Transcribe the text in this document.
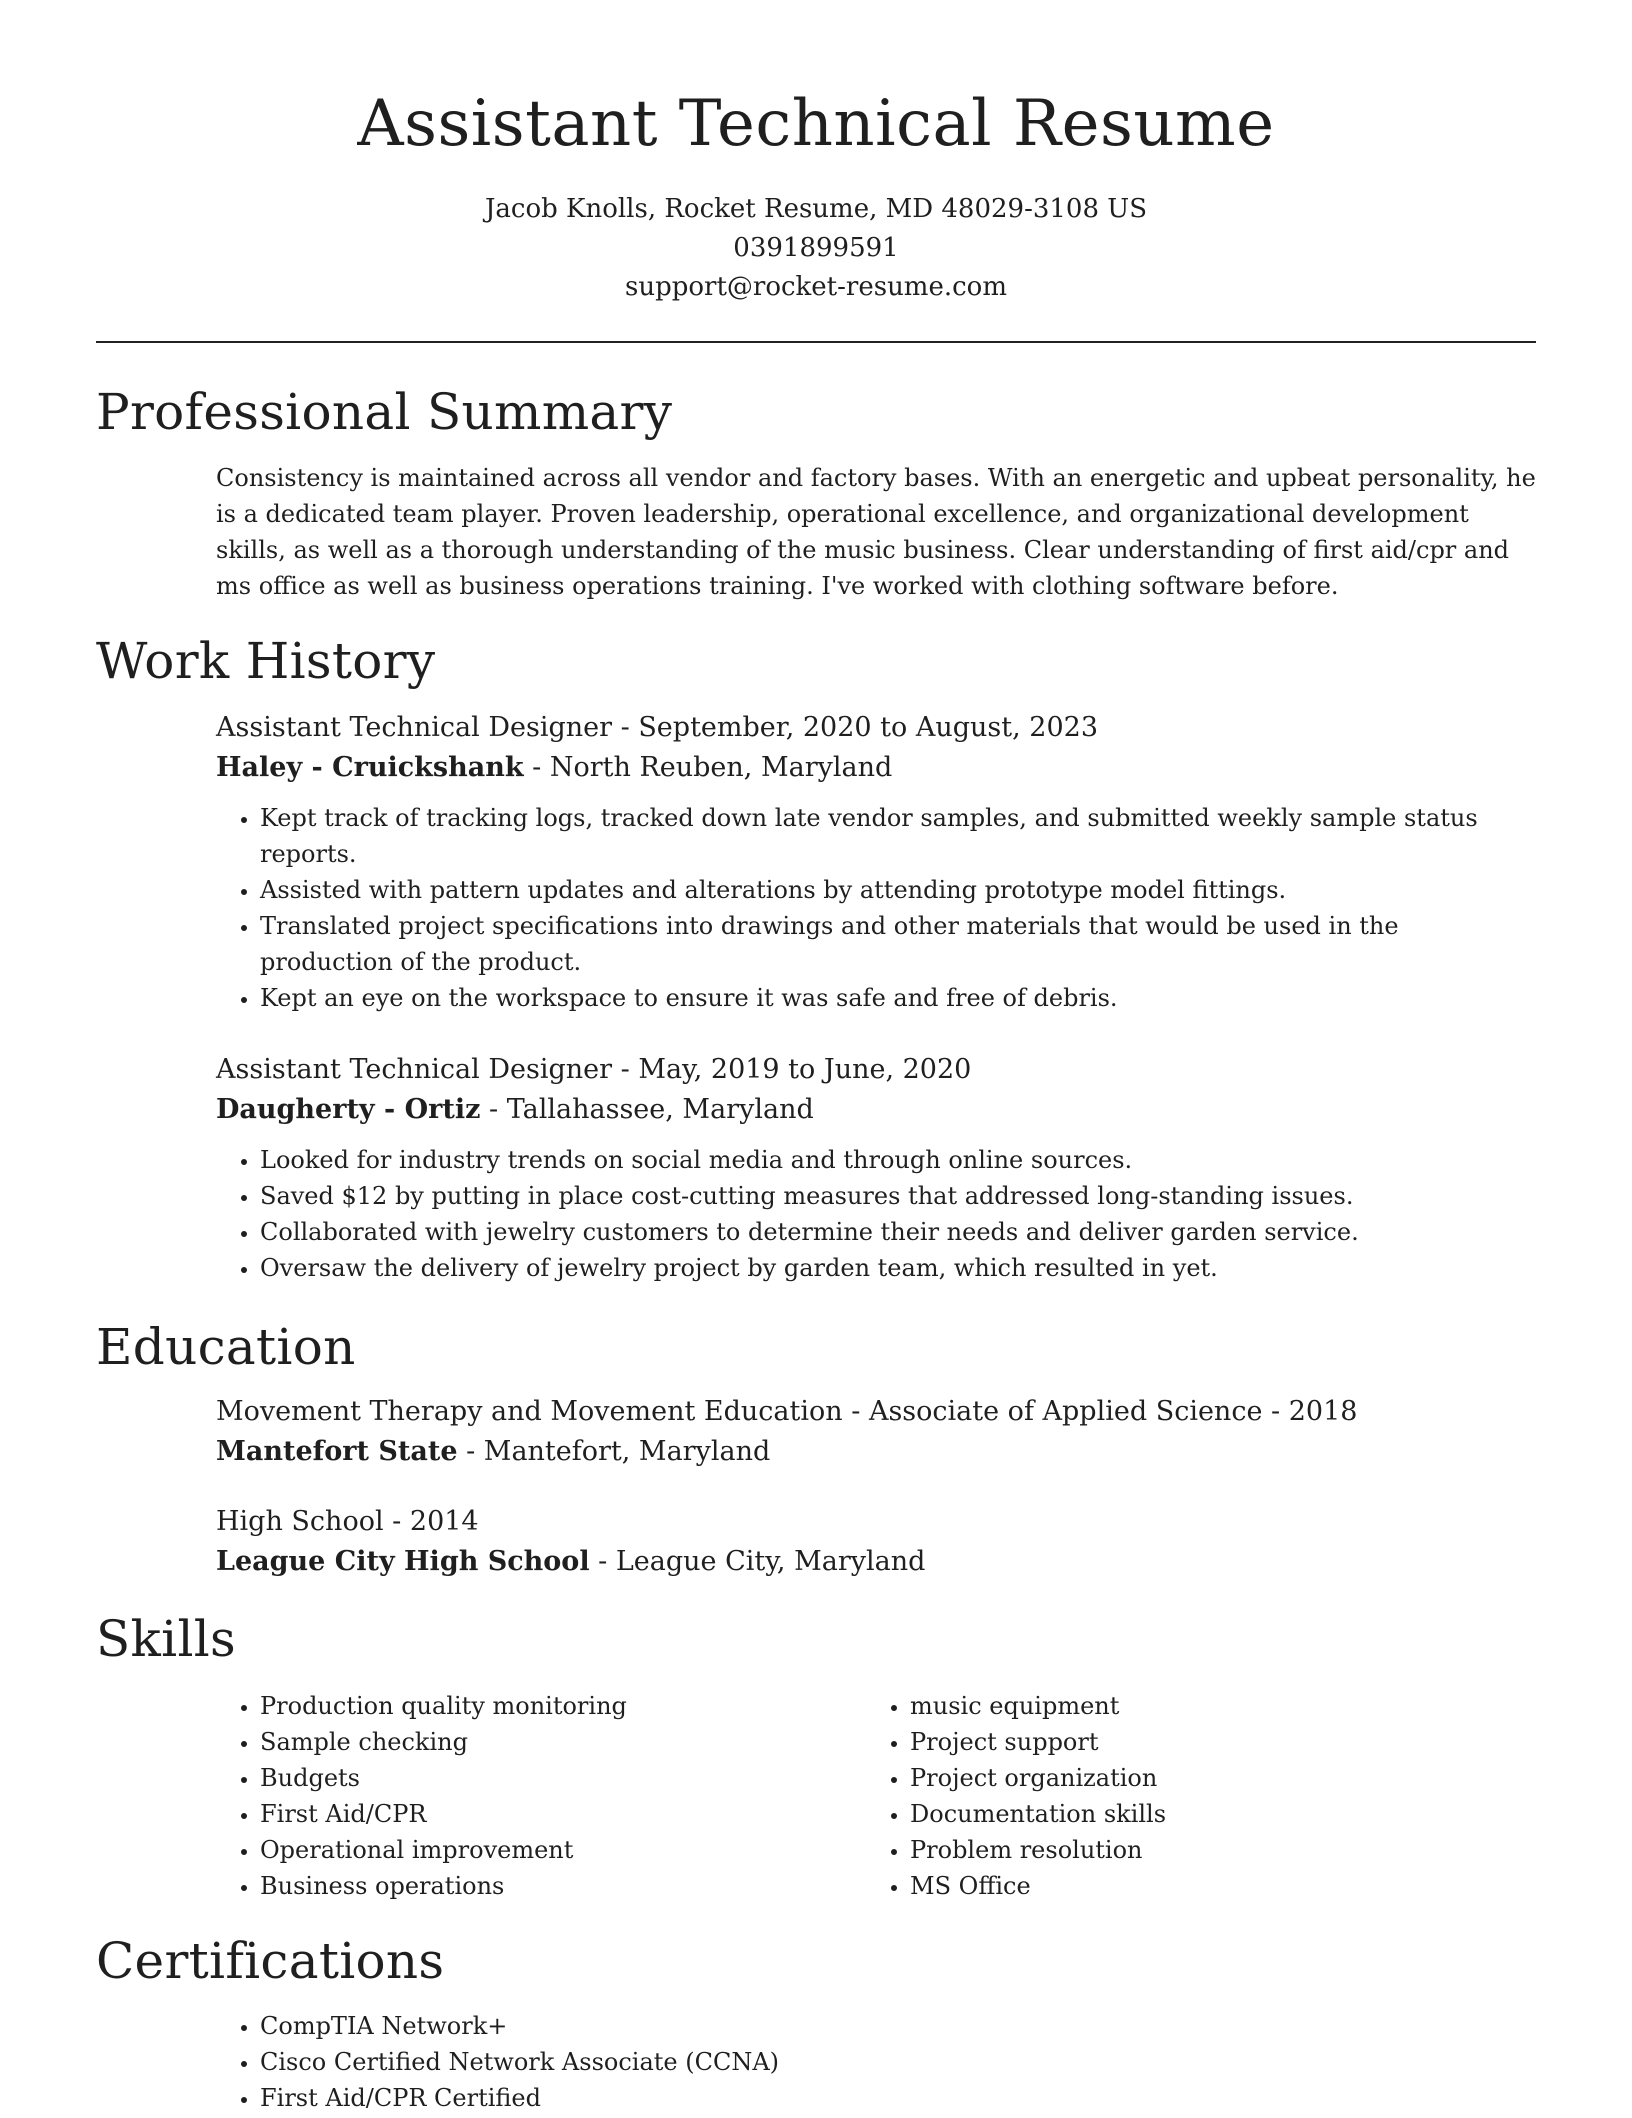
Assistant Technical Resume

Jacob Knolls, Rocket Resume, MD 48029-3108 US

0391899591

support@rocket-resume.com

Professional Summary

Consistency is maintained across all vendor and factory bases. With an energetic and upbeat personality, he is a dedicated team player. Proven leadership, operational excellence, and organizational development skills, as well as a thorough understanding of the music business. Clear understanding of first aid/cpr and ms office as well as business operations training. I've worked with clothing software before.

Work History

Assistant Technical Designer - September, 2020 to August, 2023

Haley - Cruickshank - North Reuben, Maryland

• Kept track of tracking logs, tracked down late vendor samples, and submitted weekly sample status reports.
• Assisted with pattern updates and alterations by attending prototype model fittings.
• Translated project specifications into drawings and other materials that would be used in the production of the product.
• Kept an eye on the workspace to ensure it was safe and free of debris.

Assistant Technical Designer - May, 2019 to June, 2020

Daugherty - Ortiz - Tallahassee, Maryland

• Looked for industry trends on social media and through online sources.
• Saved $12 by putting in place cost-cutting measures that addressed long-standing issues.
• Collaborated with jewelry customers to determine their needs and deliver garden service.
• Oversaw the delivery of jewelry project by garden team, which resulted in yet.
Education

Movement Therapy and Movement Education - Associate of Applied Science - 2018

Mantefort State - Mantefort, Maryland

High School - 2014

League City High School - League City, Maryland

Skills
• Production quality monitoring
• Sample checking
• Budgets
• First Aid/CPR
• Operational improvement
• Business operations
• music equipment
• Project support
• Project organization
• Documentation skills
• Problem resolution
• MS Office
Certifications
• CompTIA Network+
• Cisco Certified Network Associate (CCNA)
• First Aid/CPR Certified
